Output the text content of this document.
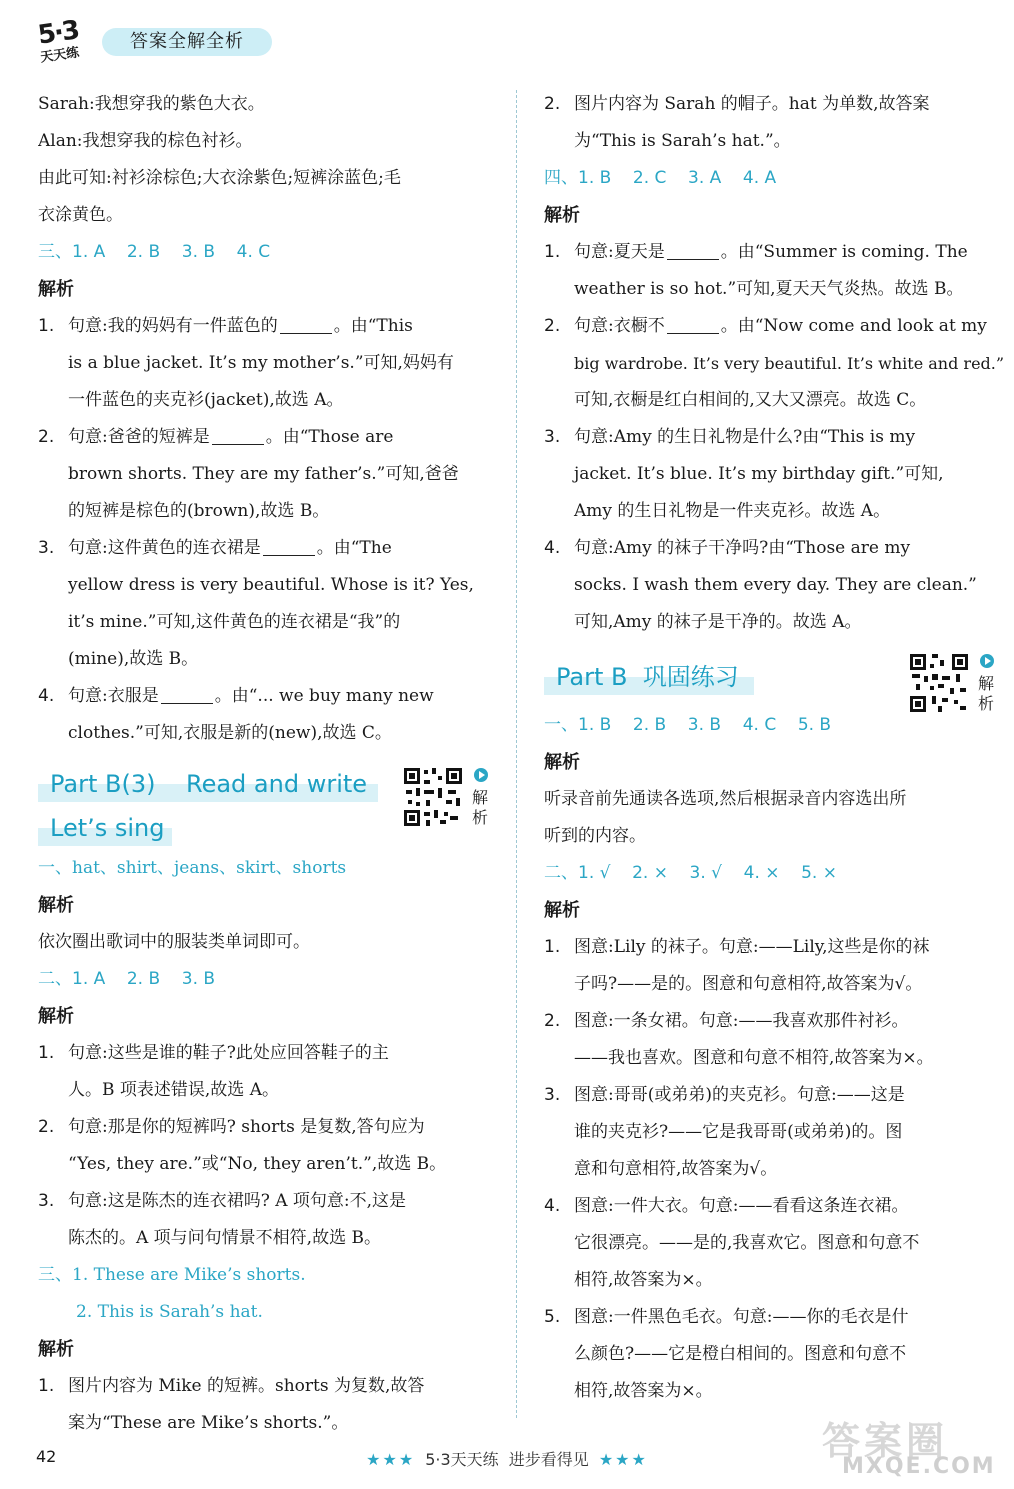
5·3
天天练
答案全解全析
Sarah:我想穿我的紫色大衣。
Alan:我想穿我的棕色衬衫。
由此可知:衬衫涂棕色;大衣涂紫色;短裤涂蓝色;毛
衣涂黄色。
三、1. A    2. B    3. B    4. C
解析
1. 句意:我的妈妈有一件蓝色的	。由“This
is a blue jacket. It’s my mother’s.”可知,妈妈有
一件蓝色的夹克衫(jacket),故选 A。
2. 句意:爸爸的短裤是	。由“Those are
brown shorts. They are my father’s.”可知,爸爸
的短裤是棕色的(brown),故选 B。
3. 句意:这件黄色的连衣裙是	。由“The
yellow dress is very beautiful. Whose is it? Yes,
it’s mine.”可知,这件黄色的连衣裙是“我”的
(mine),故选 B。
4. 句意:衣服是	。由“... we buy many new
clothes.”可知,衣服是新的(new),故选 C。
Part B(3)    Read and write
Let’s sing
一、hat、shirt、jeans、skirt、shorts
解析
依次圈出歌词中的服装类单词即可。
二、1. A    2. B    3. B
解析
1. 句意:这些是谁的鞋子?此处应回答鞋子的主
人。B 项表述错误,故选 A。
2. 句意:那是你的短裤吗? shorts 是复数,答句应为
“Yes, they are.”或“No, they aren’t.”,故选 B。
3. 句意:这是陈杰的连衣裙吗? A 项句意:不,这是
陈杰的。A 项与问句情景不相符,故选 B。
三、1. These are Mike’s shorts.
2. This is Sarah’s hat.
解析
1. 图片内容为 Mike 的短裤。shorts 为复数,故答
案为“These are Mike’s shorts.”。
解析
2. 图片内容为 Sarah 的帽子。hat 为单数,故答案
为“This is Sarah’s hat.”。
四、1. B    2. C    3. A    4. A
解析
1. 句意:夏天是	。由“Summer is coming. The
weather is so hot.”可知,夏天天气炎热。故选 B。
2. 句意:衣橱不	。由“Now come and look at my
big wardrobe. It’s very beautiful. It’s white and red.”
可知,衣橱是红白相间的,又大又漂亮。故选 C。
3. 句意:Amy 的生日礼物是什么?由“This is my
jacket. It’s blue. It’s my birthday gift.”可知,
Amy 的生日礼物是一件夹克衫。故选 A。
4. 句意:Amy 的袜子干净吗?由“Those are my
socks. I wash them every day. They are clean.”
可知,Amy 的袜子是干净的。故选 A。
Part B  巩固练习
一、1. B    2. B    3. B    4. C    5. B
解析
听录音前先通读各选项,然后根据录音内容选出所
听到的内容。
二、1. √    2. ×    3. √    4. ×    5. ×
解析
1. 图意:Lily 的袜子。句意:——Lily,这些是你的袜
子吗?——是的。图意和句意相符,故答案为√。
2. 图意:一条女裙。句意:——我喜欢那件衬衫。
——我也喜欢。图意和句意不相符,故答案为×。
3. 图意:哥哥(或弟弟)的夹克衫。句意:——这是
谁的夹克衫?——它是我哥哥(或弟弟)的。图
意和句意相符,故答案为√。
4. 图意:一件大衣。句意:——看看这条连衣裙。
它很漂亮。——是的,我喜欢它。图意和句意不
相符,故答案为×。
5. 图意:一件黑色毛衣。句意:——你的毛衣是什
么颜色?——它是橙白相间的。图意和句意不
相符,故答案为×。
解析
42	★★★ 5·3天天练  进步看得见 ★★★	答案圈
MXQE.COM
